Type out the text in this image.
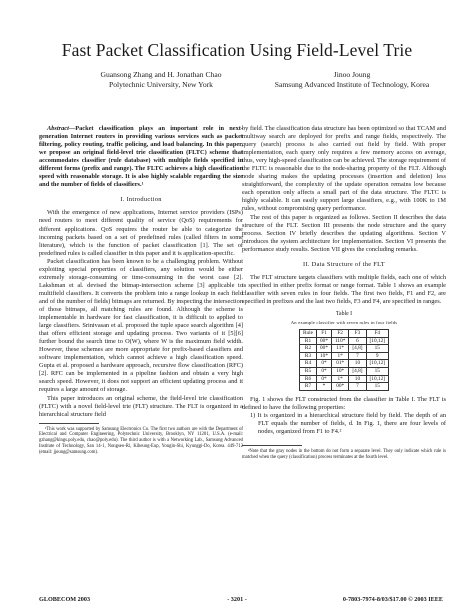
Fast Packet Classification Using Field-Level Trie
Guansong Zhang and H. Jonathan Chao
Polytechnic University, New York
Jinoo Joung
Samsung Advanced Institute of Technology, Korea

Abstract—Packet classification plays an important role in next-generation Internet routers in providing various services such as packet filtering, policy routing, traffic policing, and load balancing. In this paper, we propose an original field-level trie classification (FLTC) scheme that accommodates classifier (rule database) with multiple fields specified in different forms (prefix and range). The FLTC achieves a high classification speed with reasonable storage. It is also highly scalable regarding the size and the number of fields of classifiers.¹

I. Introduction

With the emergence of new applications, Internet service providers (ISPs) need routers to meet different quality of service (QoS) requirements for different applications. QoS requires the router be able to categorize the incoming packets based on a set of predefined rules (called filters in some literature), which is the function of packet classification [1]. The set of predefined rules is called classifier in this paper and it is application-specific.

Packet classification has been known to be a challenging problem. Without exploiting special properties of classifiers, any solution would be either extremely storage-consuming or time-consuming in the worst case [2]. Lakshman et al. devised the bitmap-intersection scheme [3] applicable to multifield classifiers. It converts the problem into a range lookup in each field and of the number of fields) bitmaps are returned. By inspecting the intersection of those bitmaps, all matching rules are found. Although the scheme is implementable in hardware for fast classification, it is difficult to applied to large classifiers. Srinivasan et al. proposed the tuple space search algorithm [4] that offers efficient storage and updating process. Two variants of it [5][6] further bound the search time to O(W), where W is the maximum field width. However, these schemes are more appropriate for prefix-based classifiers and software implementation, which cannot achieve a high classification speed. Gupta et al. proposed a hardware approach, recursive flow classification (RFC) [2]. RFC can be implemented in a pipeline fashion and obtain a very high search speed. However, it does not support an efficient updating process and it requires a large amount of storage.

This paper introduces an original scheme, the field-level trie classification (FLTC) with a novel field-level trie (FLT) structure. The FLT is organized in a hierarchical structure field

¹This work was supported by Samsung Electronics Co. The first two authors are with the Department of Electrical and Computer Engineering, Polytechnic University, Brooklyn, NY 11201, U.S.A. (e-mail: gzhang@kings.poly.edu, chao@poly.edu). The third author is with a Networking Lab., Samsung Advanced Institute of Technology, San 14-1, Nongseo-Ri, Kiheung-Eup, Yongin-Shi, Kyunggi-Do, Korea. 449-712 (email: jjoung@samsung.com).

by field. The classification data structure has been optimized so that TCAM and multiway search are deployed for prefix and range fields, respectively. The query (search) process is also carried out field by field. With proper implementation, each query only requires a few memory access on average, thus, very high-speed classification can be achieved. The storage requirement of the FLTC is reasonable due to the node-sharing property of the FLT. Although node sharing makes the updating processes (insertion and deletion) less straightforward, the complexity of the update operation remains low because each operation only affects a small part of the data structure. The FLTC is highly scalable. It can easily support large classifiers, e.g., with 100K to 1M rules, without compromising query performance.

The rest of this paper is organized as follows. Section II describes the data structure of the FLT. Section III presents the node structure and the query process. Section IV briefly describes the updating algorithms. Section V introduces the system architecture for implementation. Section VI presents the performance study results. Section VII gives the concluding remarks.

II. Data Structure of the FLT

The FLT structure targets classifiers with multiple fields, each one of which is specified in either prefix format or range format. Table 1 shows an example classifier with seven rules in four fields. The first two fields, F1 and F2, are specified in prefixes and the last two fields, F3 and F4, are specified in ranges.

Table I
An example classifier with seven rules in four fields
Rule	F1	F2	F3	F4
R1	00*	110*	6	[10,12]
R2	00*	11*	[4,8]	15
R3	10*	1*	7	9
R4	0*	01*	10	[10,12]
R5	0*	10*	[4,8]	15
R6	0*	1*	10	[10,12]
R7	*	00*	7	15

Fig. 1 shows the FLT constructed from the classifier in Table I. The FLT is defined to have the following properties:

1) It is organized in a hierarchical structure field by field. The depth of an FLT equals the number of fields, d. In Fig. 1, there are four levels of nodes, organized from F1 to F4.²

²Note that the gray nodes in the bottom do not form a separate level. They only indicate which rule is matched when the query (classification) process terminates at the fourth level.

GLOBECOM 2003	- 3201 -	0-7803-7974-8/03/$17.00 © 2003 IEEE
